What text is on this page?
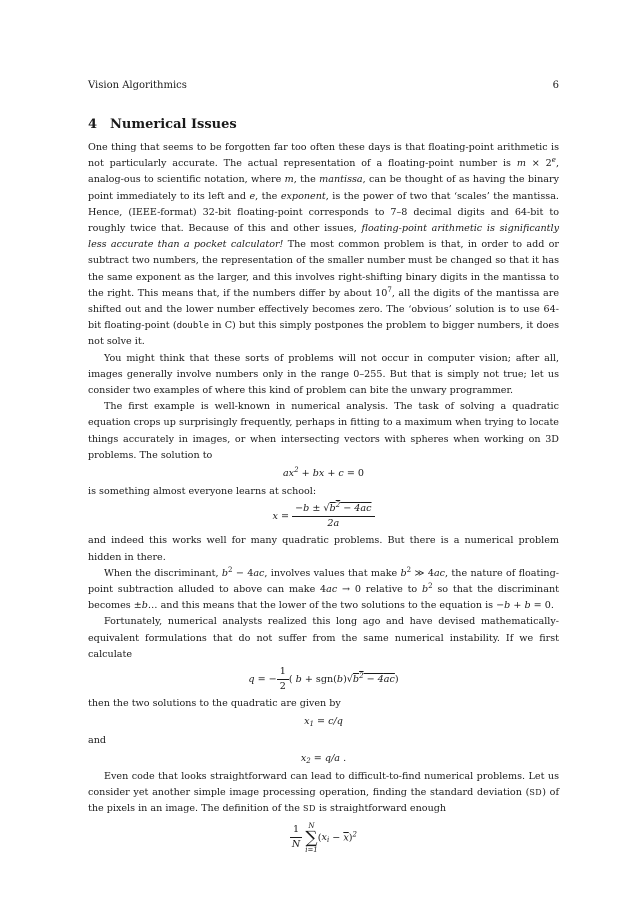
Vision Algorithmics	6
4 Numerical Issues

One thing that seems to be forgotten far too often these days is that floating-point arithmetic is not particularly accurate. The actual representation of a floating-point number is $m \times 2^e$, analog-ous to scientific notation, where m, the mantissa, can be thought of as having the binary point immediately to its left and e, the exponent, is the power of two that ‘scales’ the mantissa. Hence, (IEEE-format) 32-bit floating-point corresponds to 7–8 decimal digits and 64-bit to roughly twice that. Because of this and other issues, floating-point arithmetic is significantly less accurate than a pocket calculator! The most common problem is that, in order to add or subtract two numbers, the representation of the smaller number must be changed so that it has the same exponent as the larger, and this involves right-shifting binary digits in the mantissa to the right. This means that, if the numbers differ by about $10^7$, all the digits of the mantissa are shifted out and the lower number effectively becomes zero. The ‘obvious’ solution is to use 64-bit floating-point (double in C) but this simply postpones the problem to bigger numbers, it does not solve it.

You might think that these sorts of problems will not occur in computer vision; after all, images generally involve numbers only in the range 0–255. But that is simply not true; let us consider two examples of where this kind of problem can bite the unwary programmer.

The first example is well-known in numerical analysis. The task of solving a quadratic equation crops up surprisingly frequently, perhaps in fitting to a maximum when trying to locate things accurately in images, or when intersecting vectors with spheres when working on 3D problems. The solution to

$ax^2$ + bx + c = 0

is something almost everyone learns at school:

$x = \frac{-b \pm √b^2 - 4ac}{2a}$

and indeed this works well for many quadratic problems. But there is a numerical problem hidden in there.

When the discriminant, $b^2 - 4ac$, involves values that make $b^2$ ≫ 4ac, the nature of floating-point subtraction alluded to above can make 4ac → 0 relative to $b^2$ so that the discriminant becomes ±b… and this means that the lower of the two solutions to the equation is −b + b = 0.

Fortunately, numerical analysts realized this long ago and have devised mathematically-equivalent formulations that do not suffer from the same numerical instability. If we first calculate

q = − $\frac{1}{2}$ ( $b + sgn(b)√b^2 - 4ac$)

then the two solutions to the quadratic are given by

$x_1 = c/q$

and

$x_2 = q/a$ .

Even code that looks straightforward can lead to difficult-to-find numerical problems. Let us consider yet another simple image processing operation, finding the standard deviation (SD) of the pixels in an image. The definition of the SD is straightforward enough

$\frac{1}{N}$ N
∑
$i=1(x_i - \overline{x})^2$
